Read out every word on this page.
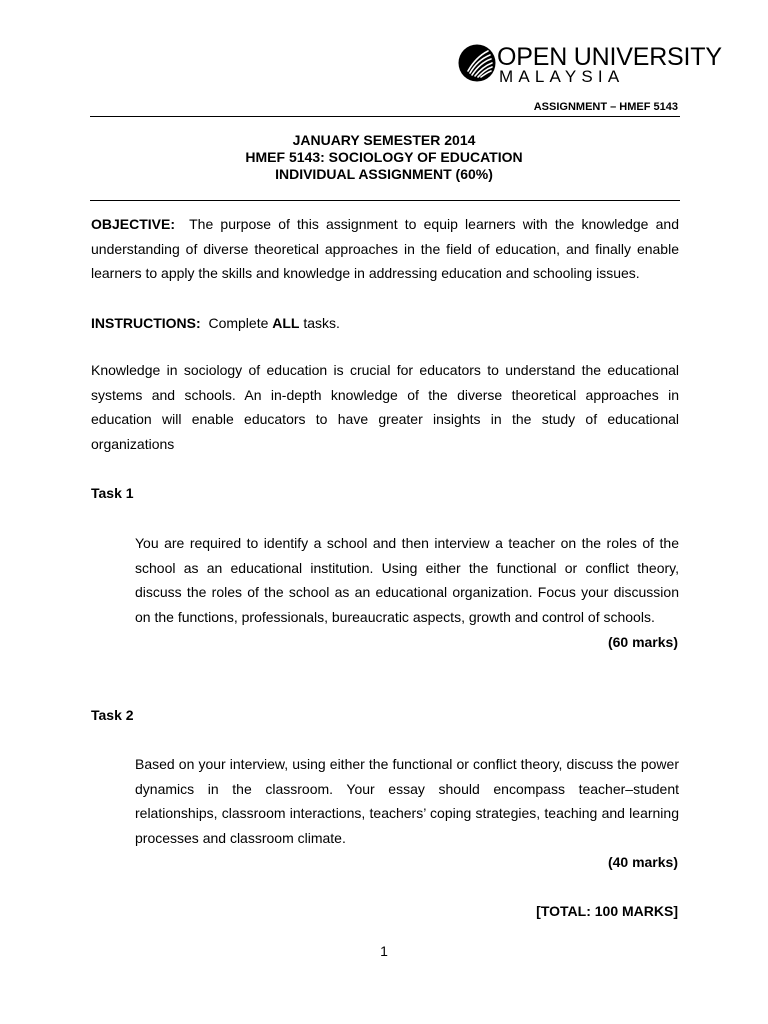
OPEN UNIVERSITY
MALAYSIA
ASSIGNMENT – HMEF 5143
JANUARY SEMESTER 2014
HMEF 5143: SOCIOLOGY OF EDUCATION
INDIVIDUAL ASSIGNMENT (60%)
OBJECTIVE: The purpose of this assignment to equip learners with the knowledge and understanding of diverse theoretical approaches in the field of education, and finally enable learners to apply the skills and knowledge in addressing education and schooling issues.
INSTRUCTIONS: Complete ALL tasks.
Knowledge in sociology of education is crucial for educators to understand the educational systems and schools. An in-depth knowledge of the diverse theoretical approaches in education will enable educators to have greater insights in the study of educational organizations
Task 1
You are required to identify a school and then interview a teacher on the roles of the school as an educational institution. Using either the functional or conflict theory, discuss the roles of the school as an educational organization. Focus your discussion on the functions, professionals, bureaucratic aspects, growth and control of schools.
(60 marks)
Task 2
Based on your interview, using either the functional or conflict theory, discuss the power dynamics in the classroom. Your essay should encompass teacher–student relationships, classroom interactions, teachers’ coping strategies, teaching and learning processes and classroom climate.
(40 marks)
[TOTAL: 100 MARKS]
1
